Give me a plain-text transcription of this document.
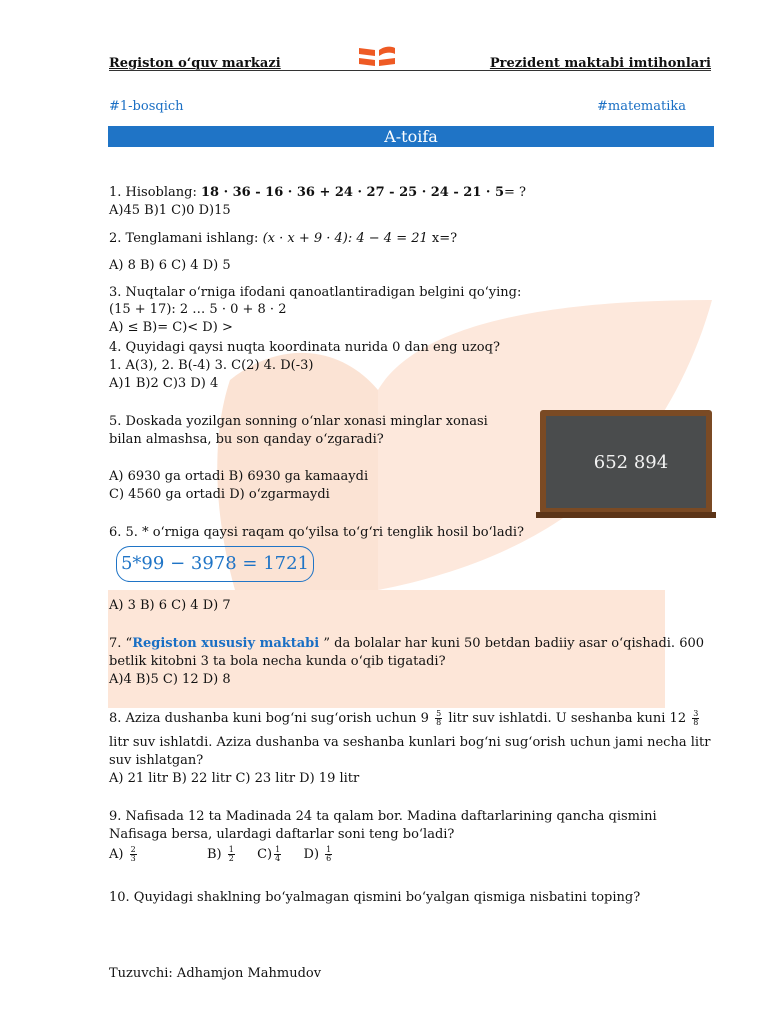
Registon o‘quv markazi	Prezident maktabi imtihonlari
#1-bosqich	#matematika
A-toifa
1. Hisoblang: 18 · 36 - 16 · 36 + 24 · 27 - 25 · 24 - 21 · 5= ?
A)45 B)1 C)0 D)15
2. Tenglamani ishlang: (x · x + 9 · 4): 4 − 4 = 21 x=?
A) 8 B) 6 C) 4 D) 5
3. Nuqtalar o‘rniga ifodani qanoatlantiradigan belgini qo‘ying:
(15 + 17): 2 … 5 · 0 + 8 · 2
A) ≤ B)= C)< D) >
4. Quyidagi qaysi nuqta koordinata nurida 0 dan eng uzoq?
1. A(3), 2. B(-4) 3. C(2) 4. D(-3)
A)1 B)2 C)3 D) 4
5. Doskada yozilgan sonning o‘nlar xonasi minglar xonasi
bilan almashsa, bu son qanday o‘zgaradi?
A) 6930 ga ortadi B) 6930 ga kamaaydi
C) 4560 ga ortadi D) o‘zgarmaydi
652 894
6. 5. * o‘rniga qaysi raqam qo‘yilsa to‘g‘ri tenglik hosil bo‘ladi?
5*99 − 3978 = 1721
A) 3 B) 6 C) 4 D) 7
7. “Registon xususiy maktabi ” da bolalar har kuni 50 betdan badiiy asar o‘qishadi. 600
betlik kitobni 3 ta bola necha kunda o‘qib tigatadi?
A)4 B)5 C) 12 D) 8
8. Aziza dushanba kuni bog‘ni sug‘orish uchun $9 \frac{5}{8}$ litr suv ishlatdi. U seshanba kuni $12 \frac{3}{8}$
litr suv ishlatdi. Aziza dushanba va seshanba kunlari bog‘ni sug‘orish uchun jami necha litr
suv ishlatgan?
A) 21 litr B) 22 litr C) 23 litr D) 19 litr
9. Nafisada 12 ta Madinada 24 ta qalam bor. Madina daftarlarining qancha qismini
Nafisaga bersa, ulardagi daftarlar soni teng bo‘ladi?
$A) \frac{2}{3}$	$B) \frac{1}{2} C) \frac{1}{4} D) \frac{1}{6}$
10. Quyidagi shaklning bo‘yalmagan qismini bo‘yalgan qismiga nisbatini toping?
Tuzuvchi: Adhamjon Mahmudov
